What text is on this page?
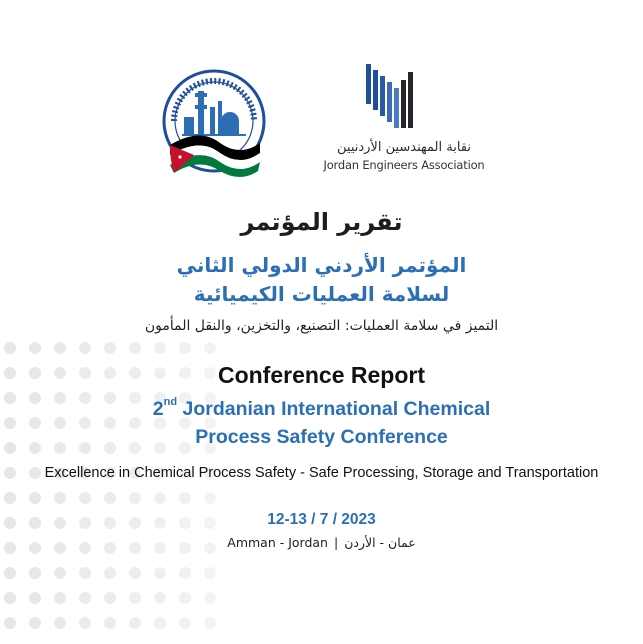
نقابة المهندسين الأردنيين
Jordan Engineers Association
تقرير المؤتمر
المؤتمر الأردني الدولي الثاني
لسلامة العمليات الكيميائية
التميز في سلامة العمليات: التصنيع، والتخزين، والنقل المأمون
Conference Report
2nd Jordanian International Chemical
Process Safety Conference
Excellence in Chemical Process Safety - Safe Processing, Storage and Transportation
12-13 / 7 / 2023
Amman - Jordan | عمان - الأردن
